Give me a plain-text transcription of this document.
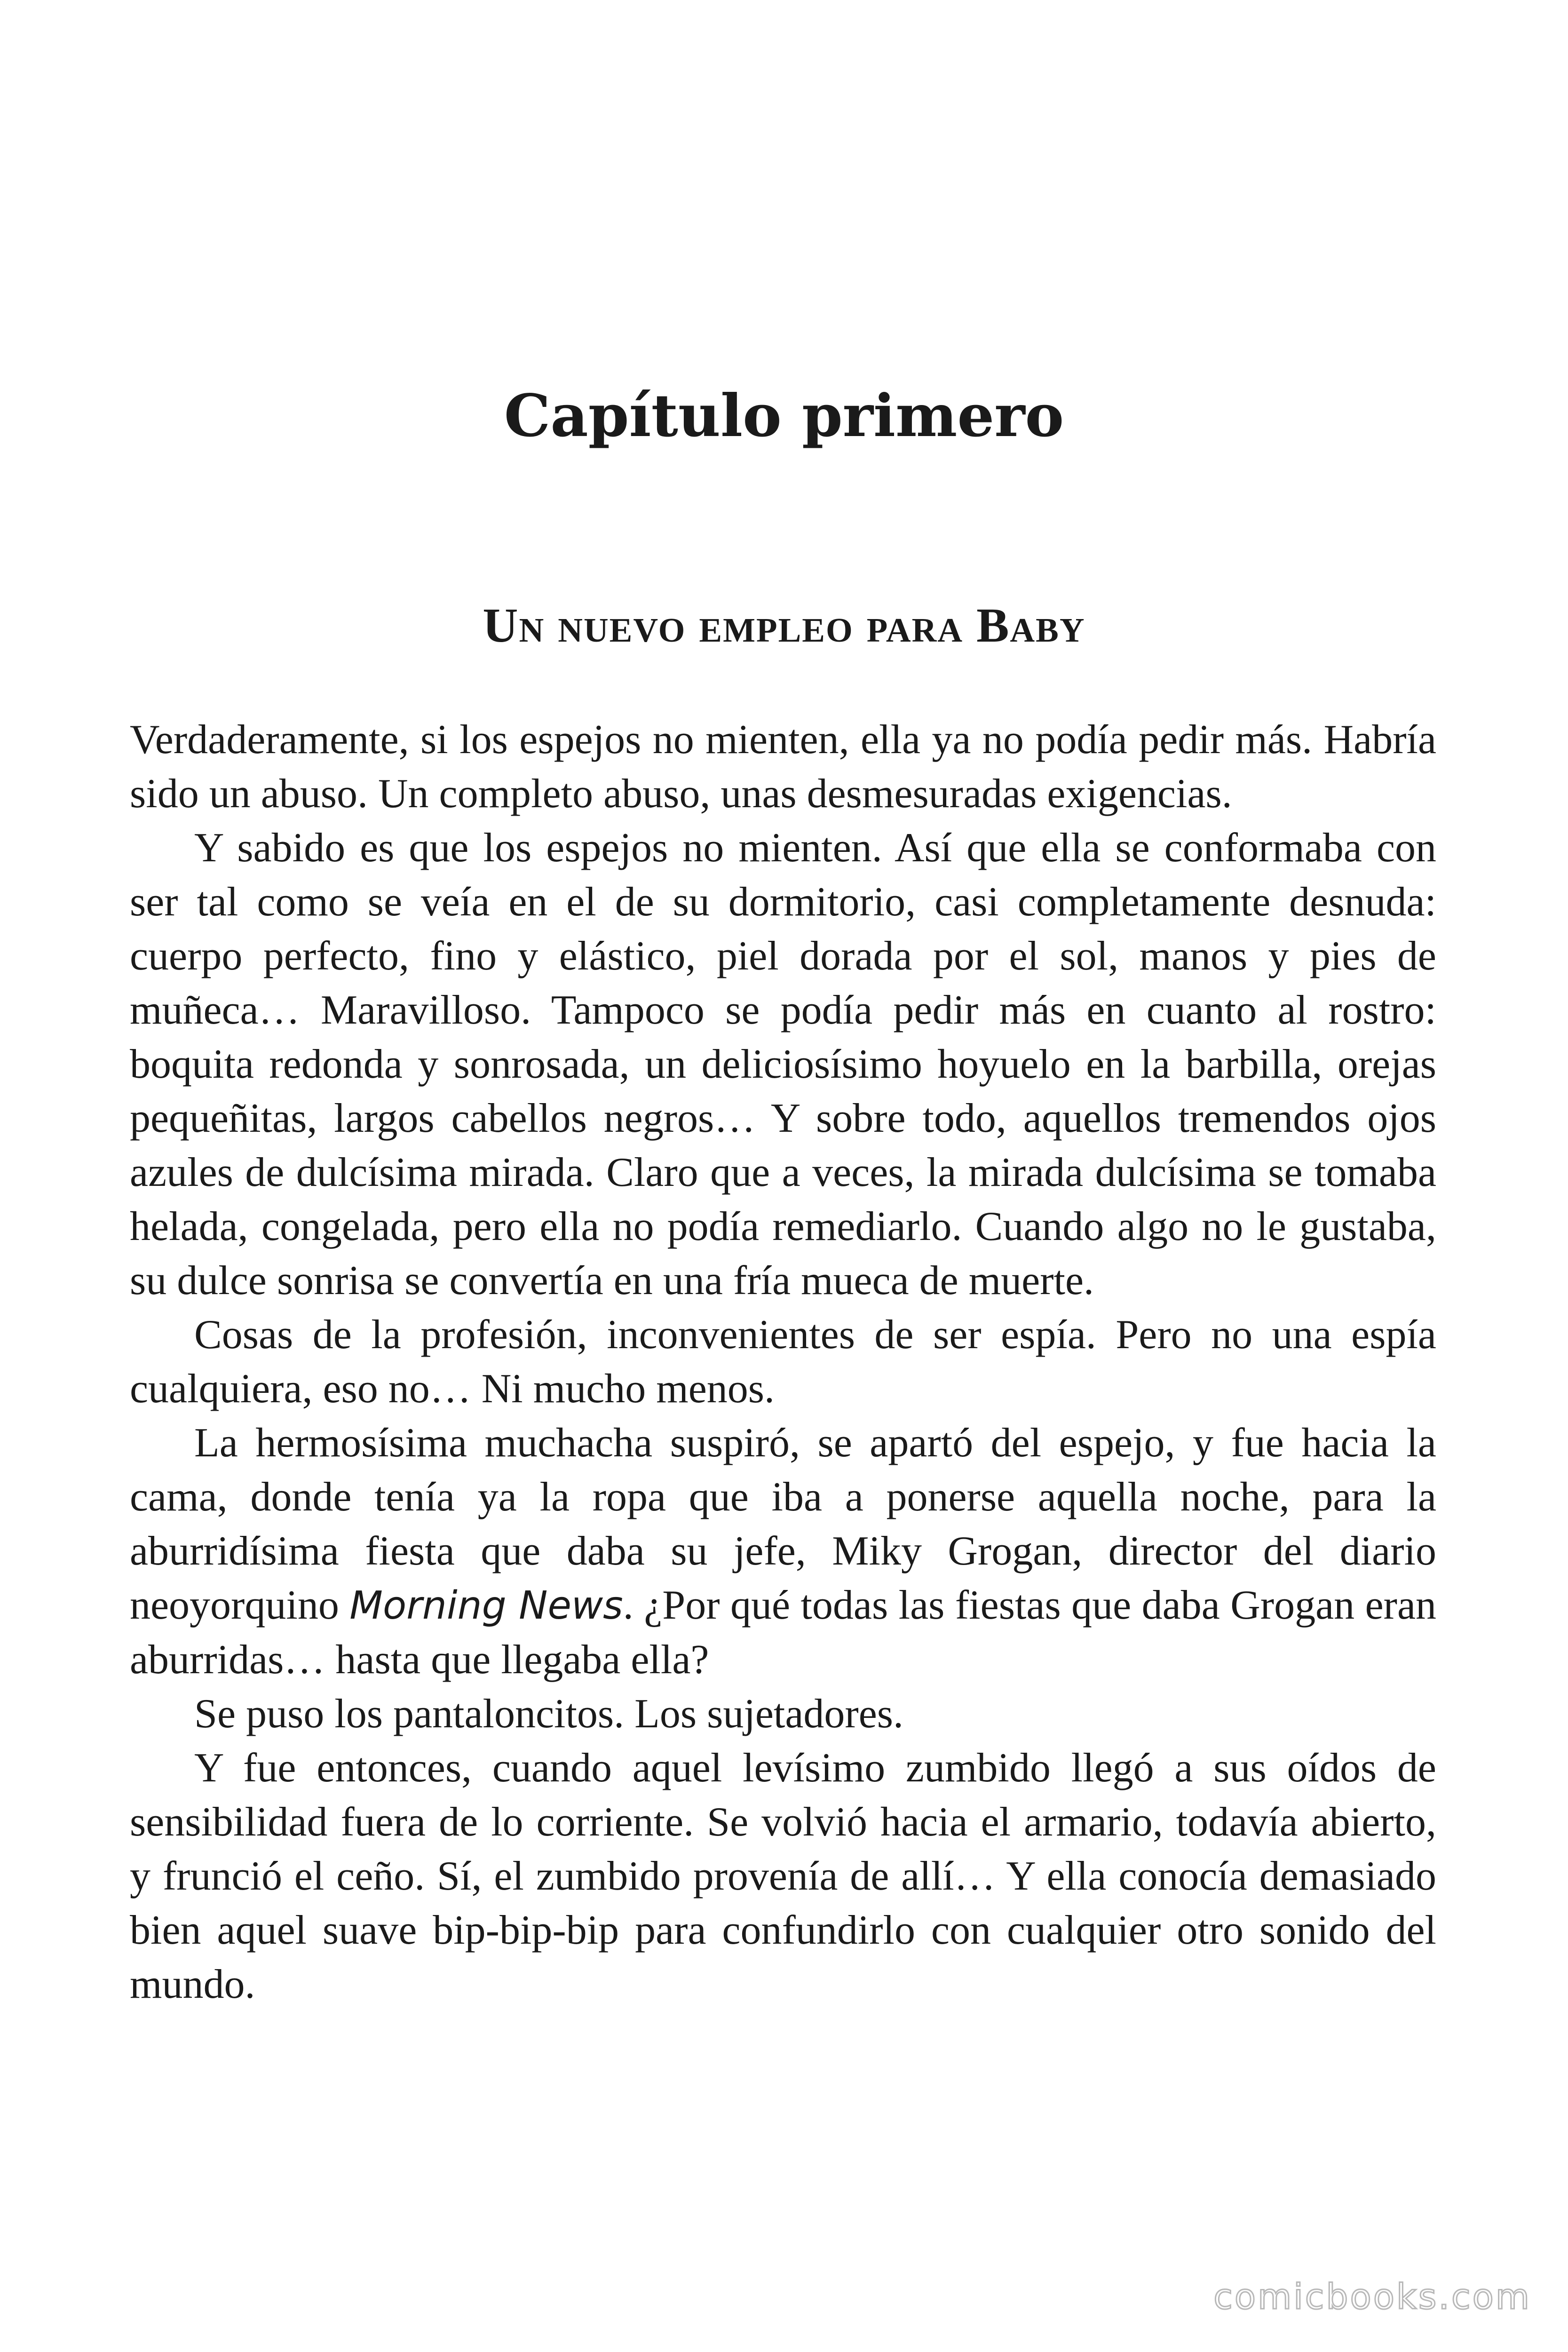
Capítulo primero
Un nuevo empleo para Baby

Verdaderamente, si los espejos no mienten, ella ya no podía pedir más. Habría sido un abuso. Un completo abuso, unas desmesuradas exigencias.

Y sabido es que los espejos no mienten. Así que ella se conformaba con ser tal como se veía en el de su dormitorio, casi completamente desnuda: cuerpo perfecto, fino y elástico, piel dorada por el sol, manos y pies de muñeca… Maravilloso. Tampoco se podía pedir más en cuanto al rostro: boquita redonda y sonrosada, un deliciosísimo hoyuelo en la barbilla, orejas pequeñitas, largos cabellos negros… Y sobre todo, aquellos tremendos ojos azules de dulcísima mirada. Claro que a veces, la mirada dulcísima se tomaba helada, congelada, pero ella no podía remediarlo. Cuando algo no le gustaba, su dulce sonrisa se convertía en una fría mueca de muerte.

Cosas de la profesión, inconvenientes de ser espía. Pero no una espía cualquiera, eso no… Ni mucho menos.

La hermosísima muchacha suspiró, se apartó del espejo, y fue hacia la cama, donde tenía ya la ropa que iba a ponerse aquella noche, para la aburridísima fiesta que daba su jefe, Miky Grogan, director del diario neoyorquino Morning News. ¿Por qué todas las fiestas que daba Grogan eran aburridas… hasta que llegaba ella?

Se puso los pantaloncitos. Los sujetadores.

Y fue entonces, cuando aquel levísimo zumbido llegó a sus oídos de sensibilidad fuera de lo corriente. Se volvió hacia el armario, todavía abierto, y frunció el ceño. Sí, el zumbido provenía de allí… Y ella conocía demasiado bien aquel suave bip-bip-bip para confundirlo con cualquier otro sonido del mundo.

comicbooks.com
